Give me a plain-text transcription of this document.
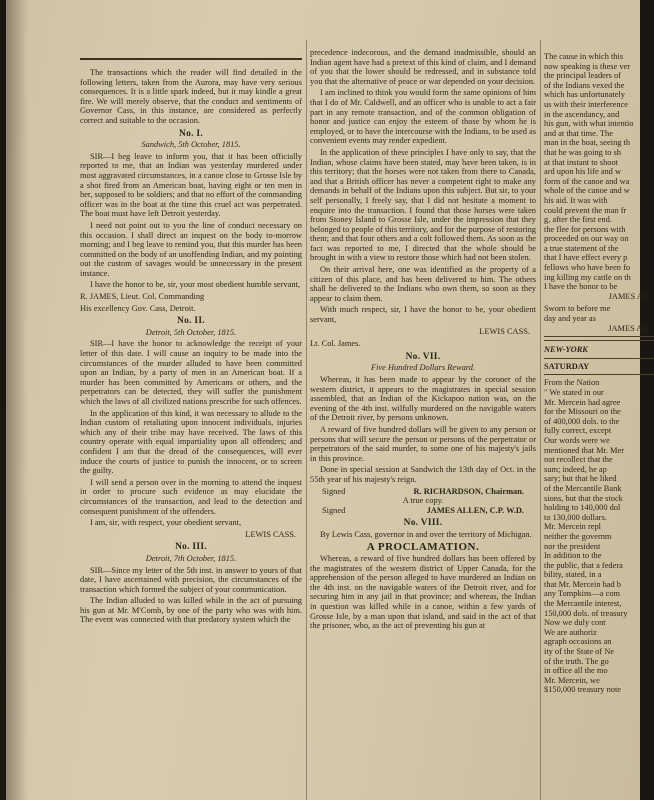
The transactions which the reader will find detailed in the following letters, taken from the Aurora, may have very serious consequences. It is a little spark indeed, but it may kindle a great fire. We will merely observe, that the conduct and sentiments of Governor Cass, in this instance, are considered as perfectly correct and suitable to the occasion.
No. I.
Sandwich, 5th October, 1815.
SIR—I beg leave to inform you, that it has been officially reported to me, that an Indian was yesterday murdered under most aggravated circumstances, in a canoe close to Grosse Isle by a shot fired from an American boat, having eight or ten men in her, supposed to be soldiers; and that no effort of the commanding officer was in the boat at the time this cruel act was perpetrated. The boat must have left Detroit yesterday.
I need not point out to you the line of conduct necessary on this occasion. I shall direct an inquest on the body to-morrow morning; and I beg leave to remind you, that this murder has been committed on the body of an unoffending Indian, and my pointing out the custom of savages would be unnecessary in the present instance.
I have the honor to be, sir, your most obedient humble servant,
R. JAMES, Lieut. Col. Commanding
His excellency Gov. Cass, Detroit.
No. II.
Detroit, 5th October, 1815.
SIR—I have the honor to acknowledge the receipt of your letter of this date. I will cause an inquiry to be made into the circumstances of the murder alluded to have been committed upon an Indian, by a party of men in an American boat. If a murder has been committed by Americans or others, and the perpetrators can be detected, they will suffer the punishment which the laws of all civilized nations prescribe for such offences.
In the application of this kind, it was necessary to allude to the Indian custom of retaliating upon innocent individuals, injuries which any of their tribe may have received. The laws of this country operate with equal impartiality upon all offenders; and confident I am that the dread of the consequences, will ever induce the courts of justice to punish the innocent, or to screen the guilty.
I will send a person over in the morning to attend the inquest in order to procure such evidence as may elucidate the circumstances of the transaction, and lead to the detection and consequent punishment of the offenders.
I am, sir, with respect, your obedient servant,
LEWIS CASS.
No. III.
Detroit, 7th October, 1815.
SIR—Since my letter of the 5th inst. in answer to yours of that date, I have ascertained with precision, the circumstances of the transaction which formed the subject of your communication.
The Indian alluded to was killed while in the act of pursuing his gun at Mr. M'Comb, by one of the party who was with him. The event was connected with that predatory system which the
precedence indecorous, and the demand inadmissible, should an Indian agent have had a pretext of this kind of claim, and I demand of you that the lower should be redressed, and in substance told you that the alternative of peace or war depended on your decision.
I am inclined to think you would form the same opinions of him that I do of Mr. Caldwell, and an officer who is unable to act a fair part in any remote transaction, and of the common obligation of honor and justice can enjoy the esteem of those by whom he is employed, or to have the intercourse with the Indians, to be used as convenient events may render expedient.
In the application of these principles I have only to say, that the Indian, whose claims have been stated, may have been taken, is in this territory; that the horses were not taken from there to Canada, and that a British officer has never a competent right to make any demands in behalf of the Indians upon this subject. But sir, to your self personally, I freely say, that I did not hesitate a moment to enquire into the transaction. I found that those horses were taken from Stoney Island to Grosse Isle, under the impression that they belonged to people of this territory, and for the purpose of restoring them; and that four others and a colt followed them. As soon as the fact was reported to me, I directed that the whole should be brought in with a view to restore those which had not been stolen.
On their arrival here, one was identified as the property of a citizen of this place, and has been delivered to him. The others shall be delivered to the Indians who own them, so soon as they appear to claim them.
With much respect, sir, I have the honor to be, your obedient servant,
LEWIS CASS.
Lt. Col. James.
No. VII.
Five Hundred Dollars Reward.
Whereas, it has been made to appear by the coroner of the western district, it appears to the magistrates in special session assembled, that an Indian of the Kickapoo nation was, on the evening of the 4th inst. wilfully murdered on the navigable waters of the Detroit river, by persons unknown.
A reward of five hundred dollars will be given to any person or persons that will secure the person or persons of the perpetrator or perpetrators of the said murder, to some one of his majesty's jails in this province.
Done in special session at Sandwich the 13th day of Oct. in the 55th year of his majesty's reign.
Signed	R. RICHARDSON, Chairman.
A true copy.
Signed	JAMES ALLEN, C.P. W.D.
No. VIII.
By Lewis Cass, governor in and over the territory of Michigan.
A PROCLAMATION.
Whereas, a reward of five hundred dollars has been offered by the magistrates of the western district of Upper Canada, for the apprehension of the person alleged to have murdered an Indian on the 4th inst. on the navigable waters of the Detroit river, and for securing him in any jail in that province; and whereas, the Indian in question was killed while in a canoe, within a few yards of Grosse Isle, by a man upon that island, and said in the act of that the prisoner, who, as the act of preventing his gun at
The cause in which this
now speaking is these ver
the principal leaders of
of the Indians vexed the
which has unfortunately
us with their interference
in the ascendancy, and
his gun, with what intentio
and at that time. The
man in the boat, seeing th
that he was going to sh
at that instant to shoot
ard upon his life and w
form of the canoe and wa
whole of the canoe and w
his aid. It was with
could prevent the man fr
g, after the first end.
the flee for persons with
proceeded on our way on
a true statement of the
that I have effect every p
fellows who have been fo
ing killing my cattle on th
I have the honor to be
JAMES AL
Sworn to before me
day and year as
JAMES AB
NEW-YORK
SATURDAY
From the Nation
" We stated in our
Mr. Mercein had agree
for the Missouri on the
of 400,000 dols. to the
fully correct, except
Our words were we
mentioned that Mr. Mer
not recollect that the
sum; indeed, he ap
sary; but that he liked
of the Mercantile Bank
sions, but that the stock
holding to 140,000 dol
to 130,000 dollars.
Mr. Mercein repl
neither the governm
nor the president
In addition to the
the public, that a federa
bility, stated, in a
that Mr. Mercein had b
any Tompkins—a com
the Mercantile interest,
150,000 dols. of treasury
Now we duly cont
We are authoriz
agraph occasions an
ity of the State of Ne
of the truth. The go
in office all the mo
Mr. Mercein, we
$150,000 treasury note
